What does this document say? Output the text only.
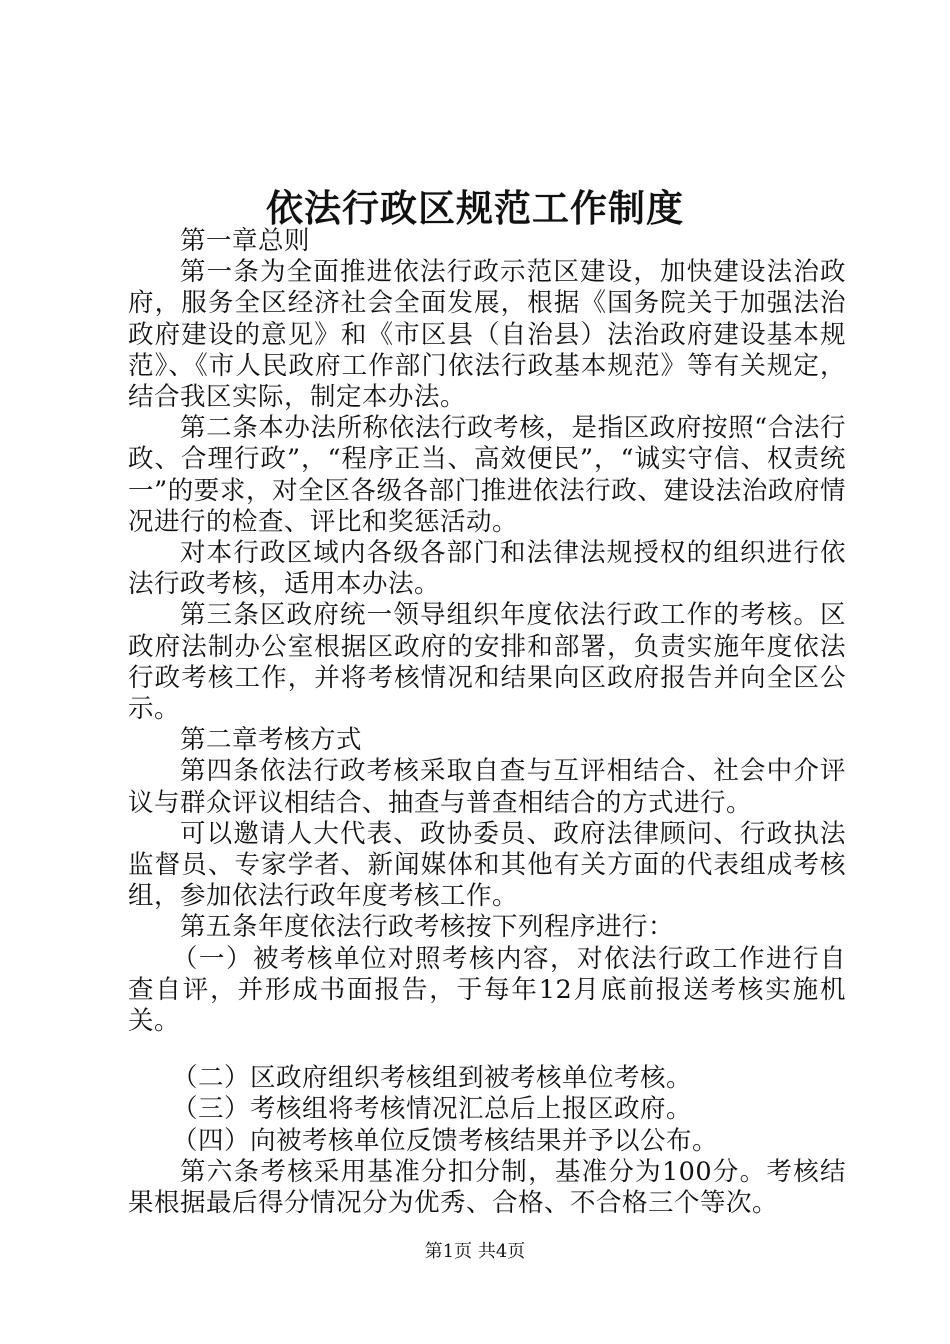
依法行政区规范工作制度

第一章总则

第一条为全面推进依法行政示范区建设，加快建设法治政府，服务全区经济社会全面发展，根据《国务院关于加强法治政府建设的意见》和《市区县（自治县）法治政府建设基本规范》、《市人民政府工作部门依法行政基本规范》等有关规定，结合我区实际，制定本办法。

第二条本办法所称依法行政考核，是指区政府按照“合法行政、合理行政”，“程序正当、高效便民”，“诚实守信、权责统一”的要求，对全区各级各部门推进依法行政、建设法治政府情况进行的检查、评比和奖惩活动。

对本行政区域内各级各部门和法律法规授权的组织进行依法行政考核，适用本办法。

第三条区政府统一领导组织年度依法行政工作的考核。区政府法制办公室根据区政府的安排和部署，负责实施年度依法行政考核工作，并将考核情况和结果向区政府报告并向全区公示。

第二章考核方式

第四条依法行政考核采取自查与互评相结合、社会中介评议与群众评议相结合、抽查与普查相结合的方式进行。

可以邀请人大代表、政协委员、政府法律顾问、行政执法监督员、专家学者、新闻媒体和其他有关方面的代表组成考核组，参加依法行政年度考核工作。

第五条年度依法行政考核按下列程序进行：

（一）被考核单位对照考核内容，对依法行政工作进行自查自评，并形成书面报告，于每年12月底前报送考核实施机关。

（二）区政府组织考核组到被考核单位考核。

（三）考核组将考核情况汇总后上报区政府。

（四）向被考核单位反馈考核结果并予以公布。

第六条考核采用基准分扣分制，基准分为100分。考核结果根据最后得分情况分为优秀、合格、不合格三个等次。

第1页 共4页
